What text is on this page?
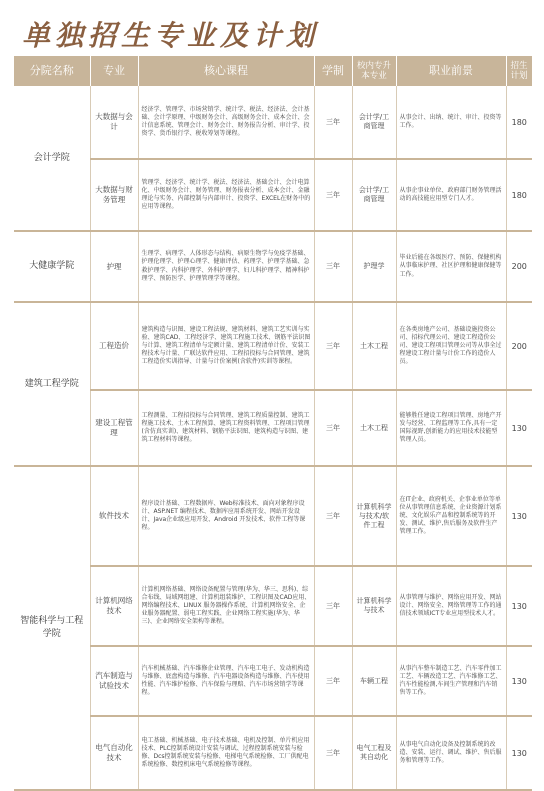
单独招生专业及计划
分院名称	专业	核心课程	学制	校内专升本专业	职业前景	招生计划
会计学院	大数据与会计	经济学、管理学、市场营销学、统计学、税法、经济法、会计基础、会计学原理、中级财务会计、高级财务会计、成本会计、会计信息系统、管理会计、财务会计、财务报告分析、审计学、投资学、货币银行学、税收筹划等课程。	三年	会计学/工商管理	从事会计、出纳、统计、审计、投资等工作。	180
	大数据与财务管理	管理学、经济学、统计学、税法、经济法、基础会计、会计电算化、中级财务会计、财务管理、财务报表分析、成本会计、金融理论与实务、内部控制与内部审计、投资学、EXCEL在财务中的应用等课程。	三年	会计学/工商管理	从事企事业单位、政府部门财务管理活动的高技能应用型专门人才。	180
大健康学院	护理	生理学、病理学、人体形态与结构、病原生物学与免疫学基础、护理伦理学、护理心理学、健康评估、药理学、护理学基础、急救护理学、内科护理学、外科护理学、妇儿科护理学、精神科护理学、预防医学、护理管理学等课程。	三年	护理学	毕业后能在各级医疗、预防、保健机构从事临床护理、社区护理和健康保健等工作。	200
建筑工程学院	工程造价	建筑构造与识图、建设工程法规、建筑材料、建筑工艺实训与实验、建筑CAD、工程经济学、建筑工程施工技术、钢筋平法识图与计算、建筑工程清单与定额计量、建筑工程清单计价、安装工程技术与计量、广联达软件应用、工程招投标与合同管理、建筑工程造价实训指导、计量与计价案例(含软件)实训等课程。	三年	土木工程	在各类房地产公司、基础设施投资公司、招标代理公司、建设工程造价公司、建设工程项目管理公司等从事全过程建设工程计量与计价工作的造价人员。	200
	建设工程管理	工程测量、工程招投标与合同管理、建筑工程质量控制、建筑工程施工技术、土木工程预算、建筑工程资料管理、工程项目管理(含仿真实训)、建筑材料、钢筋平法识图、建筑构造与识图、建筑工程材料等课程。	三年	土木工程	能够胜任建设工程项目管理、房地产开发与经营、工程监理等工作,具有一定国际视野,创新能力的应用技术技能型管理人员。	130
智能科学与工程学院	软件技术	程序设计基础、工程数据库、Web标准技术、面向对象程序设计、ASP.NET 编程技术、数据库应用系统开发、网站开发设计、Java企业级应用开发、Android 开发技术、软件工程等课程。	三年	计算机科学与技术/软件工程	在IT企业、政府机关、企事业单位等单位从事管理信息系统、企业资源计划系统、文化娱乐产品和控制系统等的开发、测试、维护,售后服务及软件生产管理工作。	130
	计算机网络技术	计算机网络基础、网络设备配置与管理(华为、华三、思科)、综合布线、局域网组建、计算机组装维护、工程识图及CAD应用、网络编程技术、LINUX 服务器操作系统、计算机网络安全、企业服务器配置、弱电工程实践、企业网络工程实施(华为、华三)、企业网络安全架构等课程。	三年	计算机科学与技术	从事管理与维护、网络应用开发、网站设计、网络安全、网络管理等工作的通信技术领域ICT专业应用型技术人才。	130
	汽车制造与试验技术	汽车机械基础、汽车维修企业管理、汽车电工电子、发动机构造与维修、底盘构造与维修、汽车电器设备构造与维修、汽车使用性能、汽车维护检修、汽车保险与理赔、汽车市场营销学等课程。	三年	车辆工程	从事汽车整车制造工艺、汽车零件加工工艺、车辆改造工艺、汽车维修工艺、汽车性能检测,车间生产管理和汽车销售等工作。	130
	电气自动化技术	电工基础、机械基础、电子技术基础、电机及控制、单片机应用技术、PLC控制系统设计安装与调试、过程控制系统安装与检修、Dcs控制系统安装与检修、电梯电气系统检修、工厂供配电系统检修、数控机床电气系统检修等课程。	三年	电气工程及其自动化	从事电气自动化设备及控制系统的改造、安装、运行、调试、维护、售后服务和管理等工作。	130
